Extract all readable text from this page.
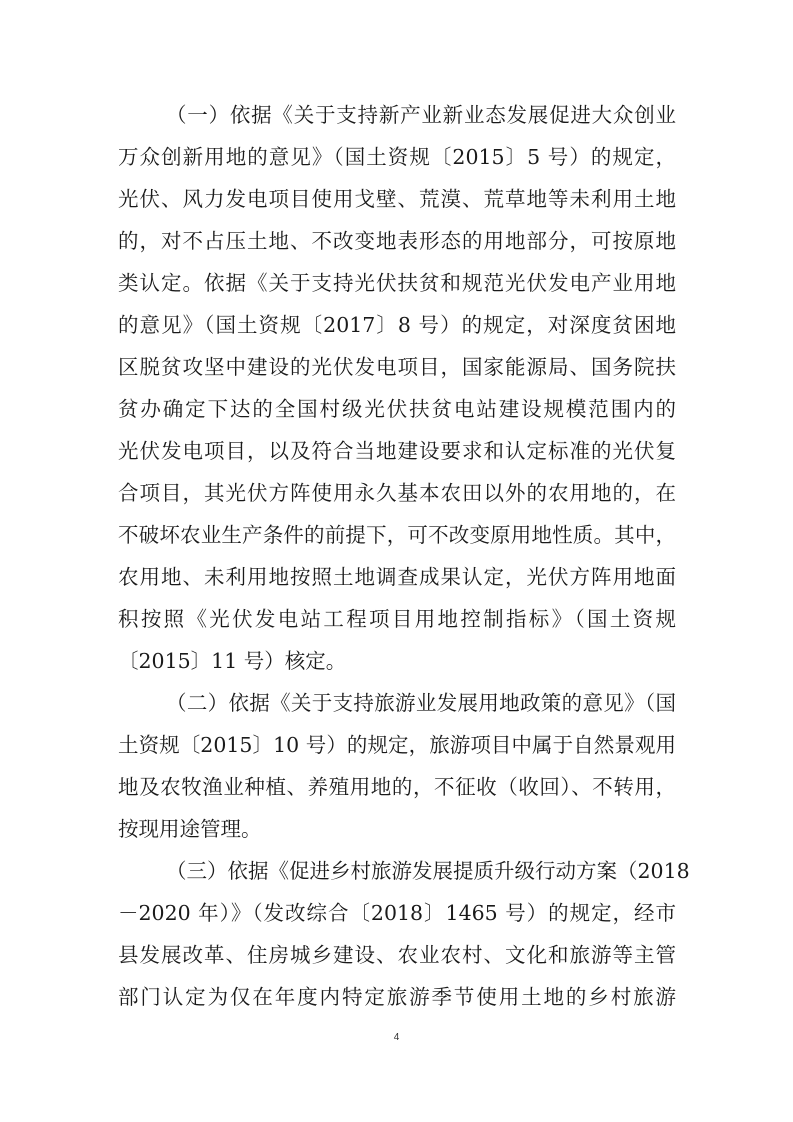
（一）依据《关于支持新产业新业态发展促进大众创业
万众创新用地的意见》（国土资规〔2015〕5 号）的规定，
光伏、风力发电项目使用戈壁、荒漠、荒草地等未利用土地
的，对不占压土地、不改变地表形态的用地部分，可按原地
类认定。依据《关于支持光伏扶贫和规范光伏发电产业用地
的意见》（国土资规〔2017〕8 号）的规定，对深度贫困地
区脱贫攻坚中建设的光伏发电项目，国家能源局、国务院扶
贫办确定下达的全国村级光伏扶贫电站建设规模范围内的
光伏发电项目，以及符合当地建设要求和认定标准的光伏复
合项目，其光伏方阵使用永久基本农田以外的农用地的，在
不破坏农业生产条件的前提下，可不改变原用地性质。其中，
农用地、未利用地按照土地调查成果认定，光伏方阵用地面
积按照《光伏发电站工程项目用地控制指标》（国土资规
〔2015〕11 号）核定。
（二）依据《关于支持旅游业发展用地政策的意见》（国
土资规〔2015〕10 号）的规定，旅游项目中属于自然景观用
地及农牧渔业种植、养殖用地的，不征收（收回）、不转用，
按现用途管理。
（三）依据《促进乡村旅游发展提质升级行动方案（2018
－2020 年）》（发改综合〔2018〕1465 号）的规定，经市
县发展改革、住房城乡建设、农业农村、文化和旅游等主管
部门认定为仅在年度内特定旅游季节使用土地的乡村旅游
4
